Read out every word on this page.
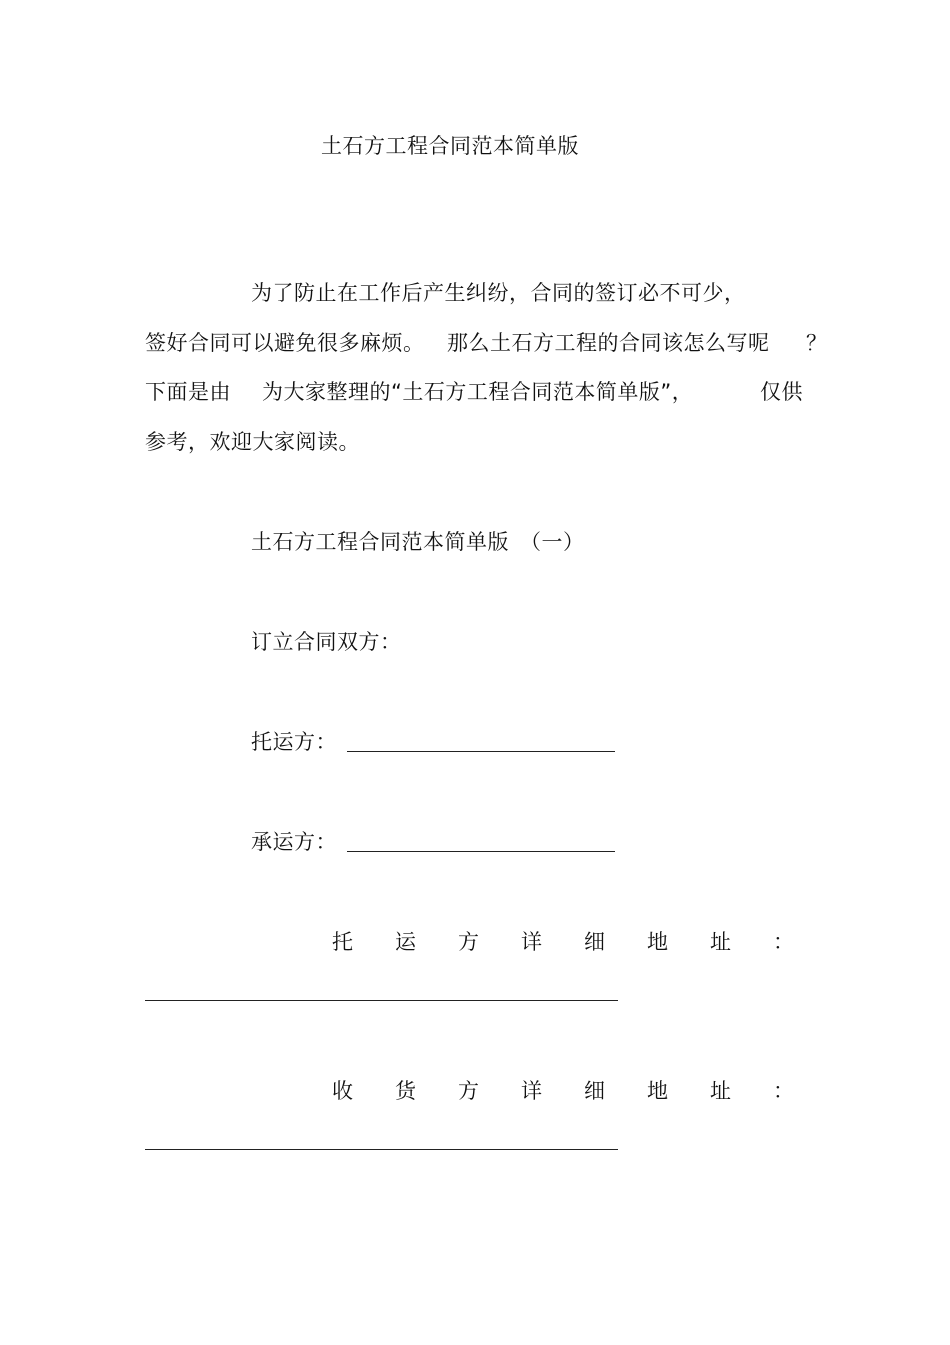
土石方工程合同范本简单版
为了防止在工作后产生纠纷，合同的签订必不可少，
签好合同可以避免很多麻烦。 那么土石方工程的合同该怎么写呢 ？
下面是由 为大家整理的“土石方工程合同范本简单版”，	仅供
参考，欢迎大家阅读。
土石方工程合同范本简单版　（一）
订立合同双方：
托运方：
承运方：
托 运 方 详 细 地 址 ：
收 货 方 详 细 地 址 ：
